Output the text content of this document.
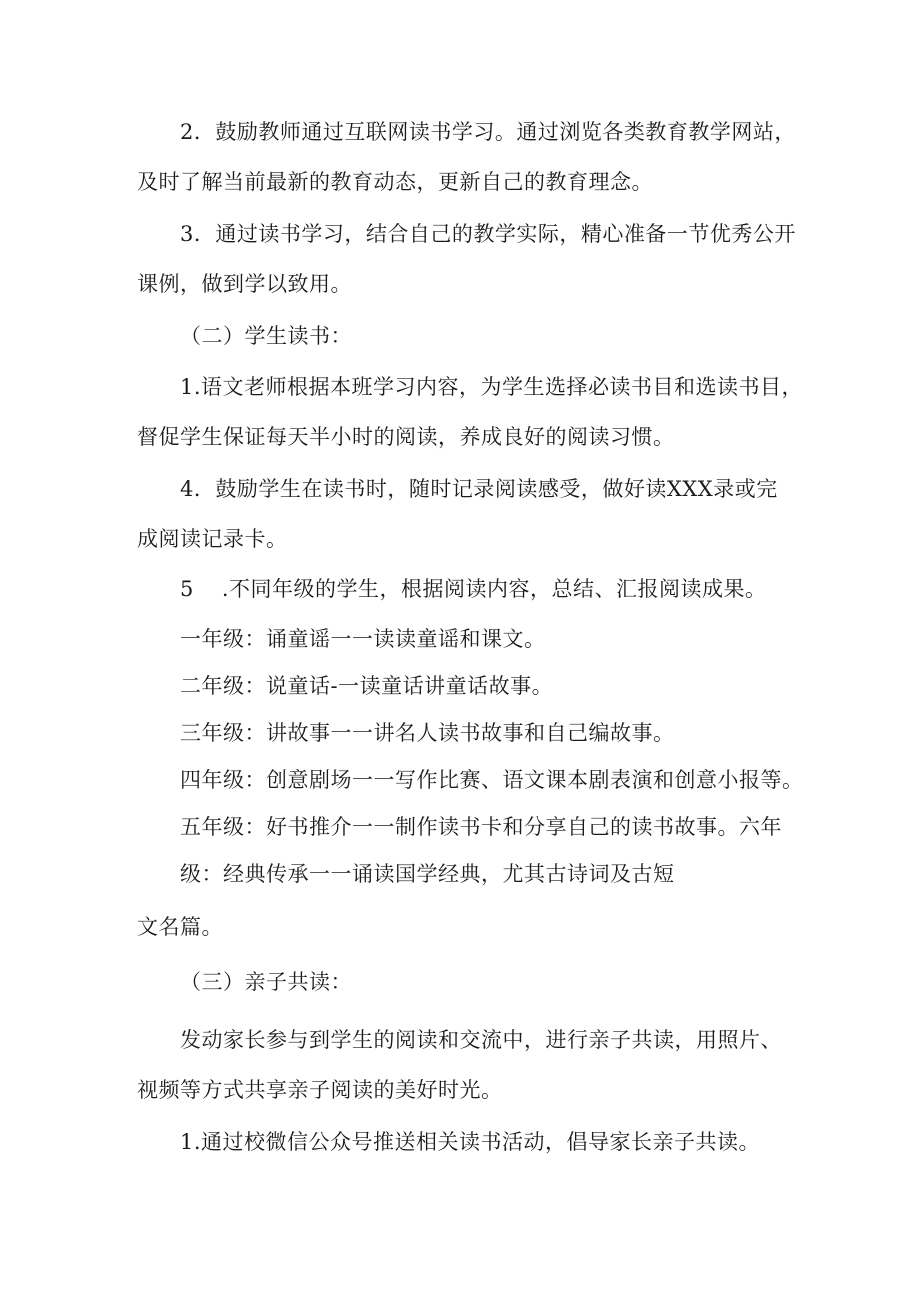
2．鼓励教师通过互联网读书学习。通过浏览各类教育教学网站，
及时了解当前最新的教育动态，更新自己的教育理念。
3．通过读书学习，结合自己的教学实际，精心准备一节优秀公开
课例，做到学以致用。
（二）学生读书：
1.语文老师根据本班学习内容，为学生选择必读书目和选读书目，
督促学生保证每天半小时的阅读，养成良好的阅读习惯。
4．鼓励学生在读书时，随时记录阅读感受，做好读XXX录或完
成阅读记录卡。
5 .不同年级的学生，根据阅读内容，总结、汇报阅读成果。
一年级：诵童谣一一读读童谣和课文。
二年级：说童话-一读童话讲童话故事。
三年级：讲故事一一讲名人读书故事和自己编故事。
四年级：创意剧场一一写作比赛、语文课本剧表演和创意小报等。
五年级：好书推介一一制作读书卡和分享自己的读书故事。六年
级：经典传承一一诵读国学经典，尤其古诗词及古短
文名篇。
（三）亲子共读：
发动家长参与到学生的阅读和交流中，进行亲子共读，用照片、
视频等方式共享亲子阅读的美好时光。
1.通过校微信公众号推送相关读书活动，倡导家长亲子共读。
